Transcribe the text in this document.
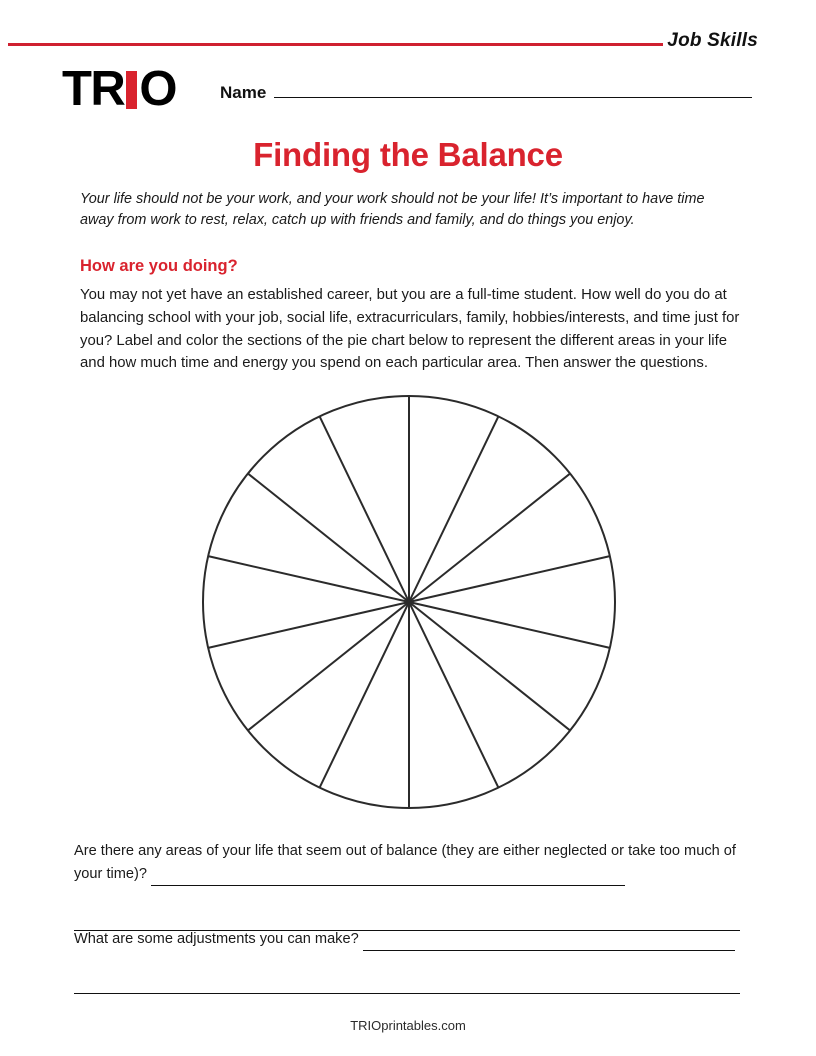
Job Skills
TR O	Name
Finding the Balance
Your life should not be your work, and your work should not be your life! It’s important to have time away from work to rest, relax, catch up with friends and family, and do things you enjoy.
How are you doing?
You may not yet have an established career, but you are a full-time student. How well do you do at balancing school with your job, social life, extracurriculars, family, hobbies/interests, and time just for you? Label and color the sections of the pie chart below to represent the different areas in your life and how much time and energy you spend on each particular area. Then answer the questions.
Are there any areas of your life that seem out of balance (they are either neglected or take too much of your time)?
What are some adjustments you can make?
TRIOprintables.com
